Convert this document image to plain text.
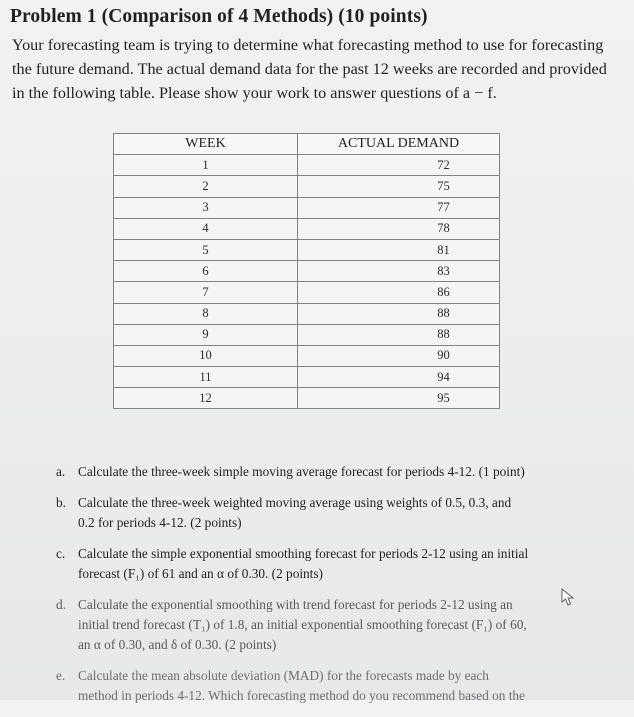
Problem 1 (Comparison of 4 Methods) (10 points)
Your forecasting team is trying to determine what forecasting method to use for forecasting
the future demand. The actual demand data for the past 12 weeks are recorded and provided
in the following table. Please show your work to answer questions of a − f.
WEEK	ACTUAL DEMAND
1	72
2	75
3	77
4	78
5	81
6	83
7	86
8	88
9	88
10	90
11	94
12	95
a. Calculate the three-week simple moving average forecast for periods 4-12. (1 point)
b. Calculate the three-week weighted moving average using weights of 0.5, 0.3, and
0.2 for periods 4-12. (2 points)
c. Calculate the simple exponential smoothing forecast for periods 2-12 using an initial
forecast (F₁) of 61 and an α of 0.30. (2 points)
d. Calculate the exponential smoothing with trend forecast for periods 2-12 using an
initial trend forecast (T₁) of 1.8, an initial exponential smoothing forecast (F₁) of 60,
an α of 0.30, and δ of 0.30. (2 points)
e. Calculate the mean absolute deviation (MAD) for the forecasts made by each
method in periods 4-12. Which forecasting method do you recommend based on the
